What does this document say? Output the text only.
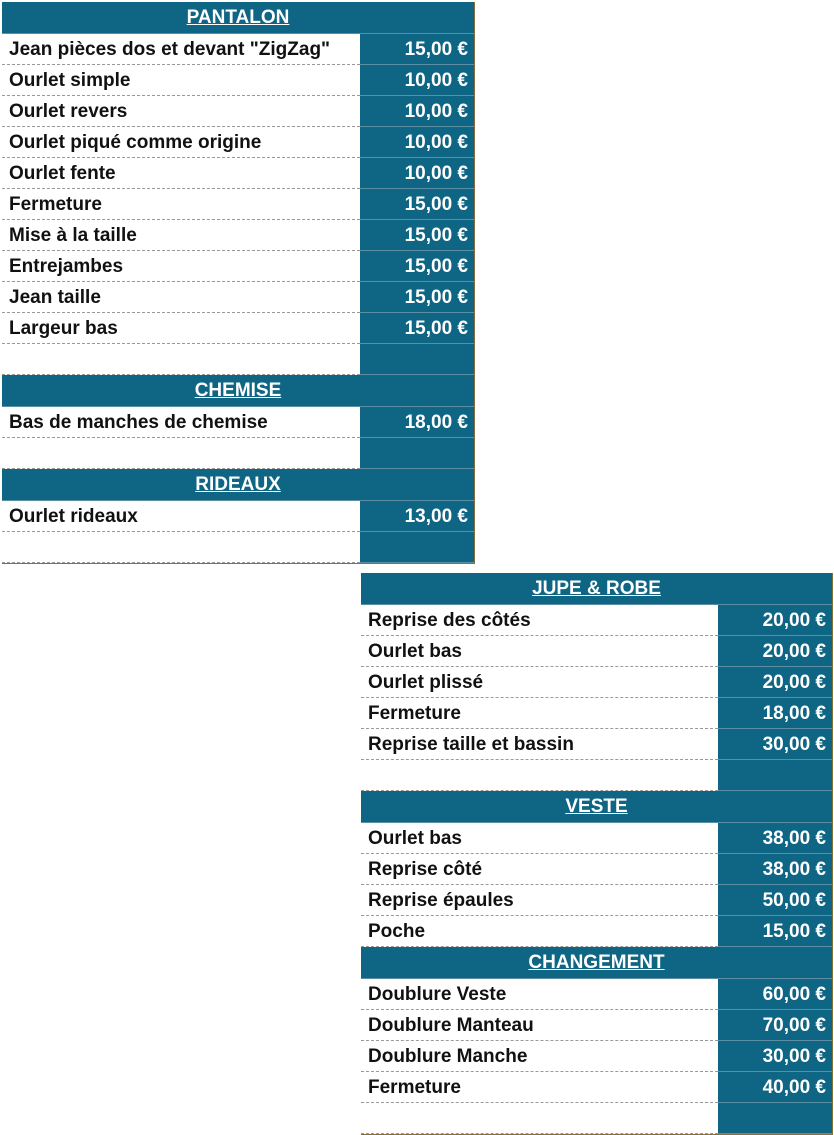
PANTALON
Jean pièces dos et devant "ZigZag"	15,00 €
Ourlet simple	10,00 €
Ourlet revers	10,00 €
Ourlet piqué comme origine	10,00 €
Ourlet fente	10,00 €
Fermeture	15,00 €
Mise à la taille	15,00 €
Entrejambes	15,00 €
Jean taille	15,00 €
Largeur bas	15,00 €
CHEMISE
Bas de manches de chemise	18,00 €
RIDEAUX
Ourlet rideaux	13,00 €
JUPE & ROBE
Reprise des côtés	20,00 €
Ourlet bas	20,00 €
Ourlet plissé	20,00 €
Fermeture	18,00 €
Reprise taille et bassin	30,00 €
VESTE
Ourlet bas	38,00 €
Reprise côté	38,00 €
Reprise épaules	50,00 €
Poche	15,00 €
CHANGEMENT
Doublure Veste	60,00 €
Doublure Manteau	70,00 €
Doublure Manche	30,00 €
Fermeture	40,00 €
